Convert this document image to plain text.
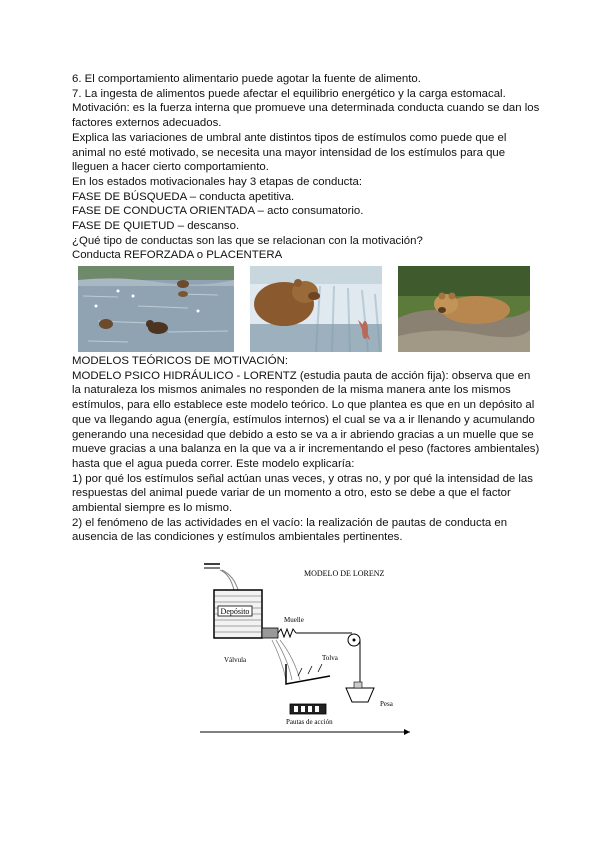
6. El comportamiento alimentario puede agotar la fuente de alimento.
7. La ingesta de alimentos puede afectar el equilibrio energético y la carga estomacal.
Motivación: es la fuerza interna que promueve una determinada conducta cuando se dan los
factores externos adecuados.
Explica las variaciones de umbral ante distintos tipos de estímulos como puede que el
animal no esté motivado, se necesita una mayor intensidad de los estímulos para que
lleguen a hacer cierto comportamiento.
En los estados motivacionales hay 3 etapas de conducta:
FASE DE BÚSQUEDA – conducta apetitiva.
FASE DE CONDUCTA ORIENTADA – acto consumatorio.
FASE DE QUIETUD – descanso.
¿Qué tipo de conductas son las que se relacionan con la motivación?
Conducta REFORZADA o PLACENTERA
MODELOS TEÓRICOS DE MOTIVACIÓN:
MODELO PSICO HIDRÁULICO - LORENTZ (estudia pauta de acción fija): observa que en
la naturaleza los mismos animales no responden de la misma manera ante los mismos
estímulos, para ello establece este modelo teórico. Lo que plantea es que en un depósito al
que va llegando agua (energía, estímulos internos) el cual se va a ir llenando y acumulando
generando una necesidad que debido a esto se va a ir abriendo gracias a un muelle que se
mueve gracias a una balanza en la que va a ir incrementando el peso (factores ambientales)
hasta que el agua pueda correr. Este modelo explicaría:
1) por qué los estímulos señal actúan unas veces, y otras no, y por qué la intensidad de las
respuestas del animal puede variar de un momento a otro, esto se debe a que el factor
ambiental siempre es lo mismo.
2) el fenómeno de las actividades en el vacío: la realización de pautas de conducta en
ausencia de las condiciones y estímulos ambientales pertinentes.
Depósito
Muelle
Válvula
Pesa
Tolva
Pautas de acción
MODELO DE LORENZ
